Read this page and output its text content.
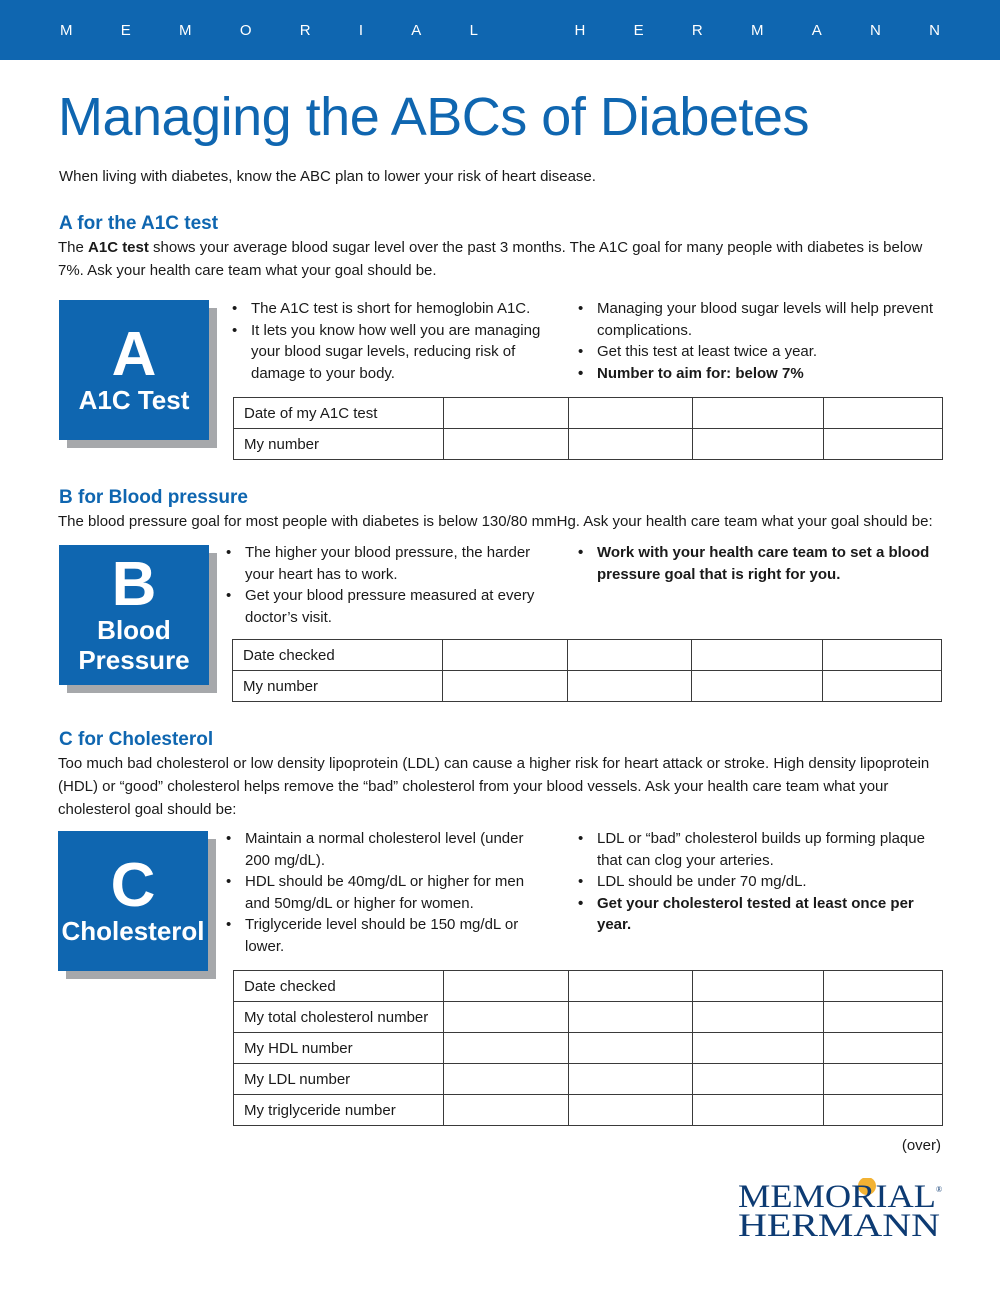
M	E	M	O	R	I	A	L	H	E	R	M	A	N	N
Managing the ABCs of Diabetes
When living with diabetes, know the ABC plan to lower your risk of heart disease.
A for the A1C test

The A1C test shows your average blood sugar level over the past 3 months. The A1C goal for many people with diabetes is below 7%. Ask your health care team what your goal should be.

A
A1C Test
• The A1C test is short for hemoglobin A1C.
• It lets you know how well you are managing your blood sugar levels, reducing risk of damage to your body.
• Managing your blood sugar levels will help prevent complications.
• Get this test at least twice a year.
• Number to aim for: below 7%
Date of my A1C test				
My number				
B for Blood pressure

The blood pressure goal for most people with diabetes is below 130/80 mmHg. Ask your health care team what your goal should be:

B
Blood
Pressure
• The higher your blood pressure, the harder your heart has to work.
• Get your blood pressure measured at every doctor’s visit.
• Work with your health care team to set a blood pressure goal that is right for you.
Date checked				
My number				
C for Cholesterol

Too much bad cholesterol or low density lipoprotein (LDL) can cause a higher risk for heart attack or stroke. High density lipoprotein (HDL) or “good” cholesterol helps remove the “bad” cholesterol from your blood vessels. Ask your health care team what your cholesterol goal should be:

C
Cholesterol
• Maintain a normal cholesterol level (under 200 mg/dL).
• HDL should be 40mg/dL or higher for men and 50mg/dL or higher for women.
• Triglyceride level should be 150 mg/dL or lower.
• LDL or “bad” cholesterol builds up forming plaque that can clog your arteries.
• LDL should be under 70 mg/dL.
• Get your cholesterol tested at least once per year.
Date checked				
My total cholesterol number				
My HDL number				
My LDL number				
My triglyceride number				
(over)
MEMORIAL ®
HERMANN
